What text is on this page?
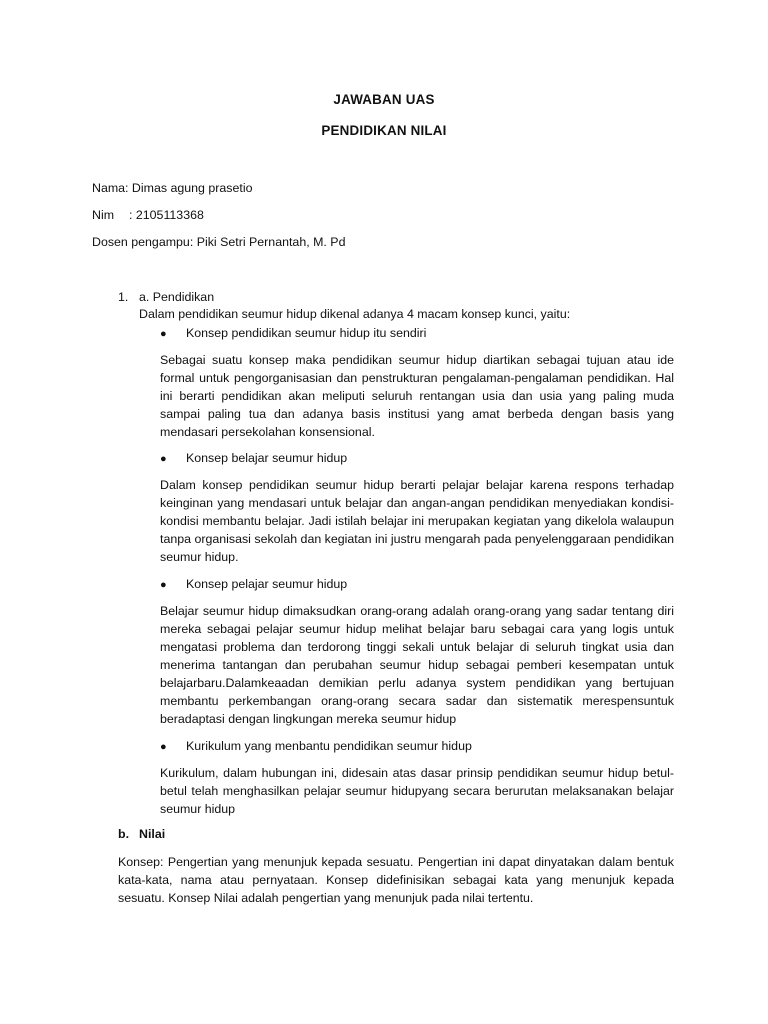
JAWABAN UAS
PENDIDIKAN NILAI
Nama: Dimas agung prasetio
Nim : 2105113368
Dosen pengampu: Piki Setri Pernantah, M. Pd
1. a. Pendidikan
Dalam pendidikan seumur hidup dikenal adanya 4 macam konsep kunci, yaitu:
● Konsep pendidikan seumur hidup itu sendiri

Sebagai suatu konsep maka pendidikan seumur hidup diartikan sebagai tujuan atau ide formal untuk pengorganisasian dan penstrukturan pengalaman-pengalaman pendidikan. Hal ini berarti pendidikan akan meliputi seluruh rentangan usia dan usia yang paling muda sampai paling tua dan adanya basis institusi yang amat berbeda dengan basis yang mendasari persekolahan konsensional.

● Konsep belajar seumur hidup

Dalam konsep pendidikan seumur hidup berarti pelajar belajar karena respons terhadap keinginan yang mendasari untuk belajar dan angan-angan pendidikan menyediakan kondisi-kondisi membantu belajar. Jadi istilah belajar ini merupakan kegiatan yang dikelola walaupun tanpa organisasi sekolah dan kegiatan ini justru mengarah pada penyelenggaraan pendidikan seumur hidup.

● Konsep pelajar seumur hidup

Belajar seumur hidup dimaksudkan orang-orang adalah orang-orang yang sadar tentang diri mereka sebagai pelajar seumur hidup melihat belajar baru sebagai cara yang logis untuk mengatasi problema dan terdorong tinggi sekali untuk belajar di seluruh tingkat usia dan menerima tantangan dan perubahan seumur hidup sebagai pemberi kesempatan untuk belajarbaru.Dalamkeaadan demikian perlu adanya system pendidikan yang bertujuan membantu perkembangan orang-orang secara sadar dan sistematik merespensuntuk beradaptasi dengan lingkungan mereka seumur hidup

● Kurikulum yang menbantu pendidikan seumur hidup

Kurikulum, dalam hubungan ini, didesain atas dasar prinsip pendidikan seumur hidup betul-betul telah menghasilkan pelajar seumur hidupyang secara berurutan melaksanakan belajar seumur hidup

b. Nilai

Konsep: Pengertian yang menunjuk kepada sesuatu. Pengertian ini dapat dinyatakan dalam bentuk kata-kata, nama atau pernyataan. Konsep didefinisikan sebagai kata yang menunjuk kepada sesuatu. Konsep Nilai adalah pengertian yang menunjuk pada nilai tertentu.
